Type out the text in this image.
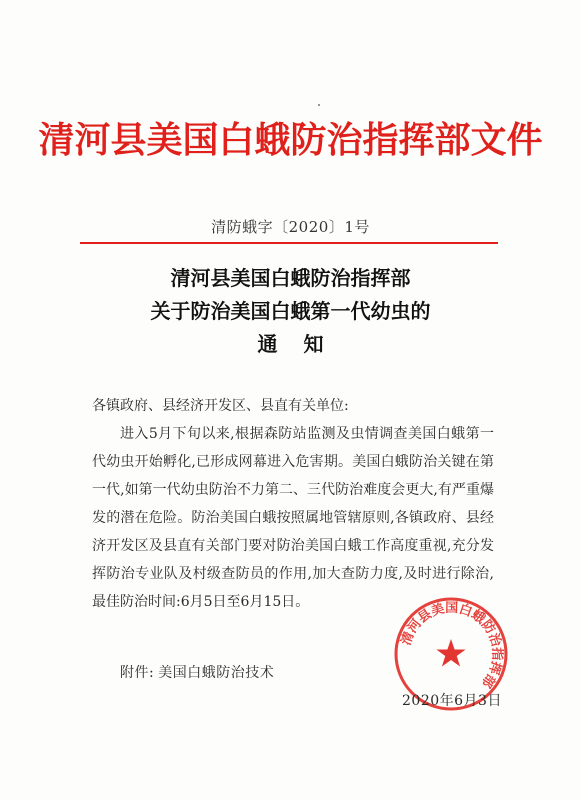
清河县美国白蛾防治指挥部文件
清防蛾字〔2020〕1号
清河县美国白蛾防治指挥部
关于防治美国白蛾第一代幼虫的
通知

各镇政府、县经济开发区、县直有关单位:

进入5月下旬以来,根据森防站监测及虫情调查美国白蛾第一代幼虫开始孵化,已形成网幕进入危害期。美国白蛾防治关键在第一代,如第一代幼虫防治不力第二、三代防治难度会更大,有严重爆发的潜在危险。防治美国白蛾按照属地管辖原则,各镇政府、县经济开发区及县直有关部门要对防治美国白蛾工作高度重视,充分发挥防治专业队及村级查防员的作用,加大查防力度,及时进行除治,最佳防治时间:6月5日至6月15日。

附件: 美国白蛾防治技术
清河县美国白蛾防治指挥部
2020年6月3日
